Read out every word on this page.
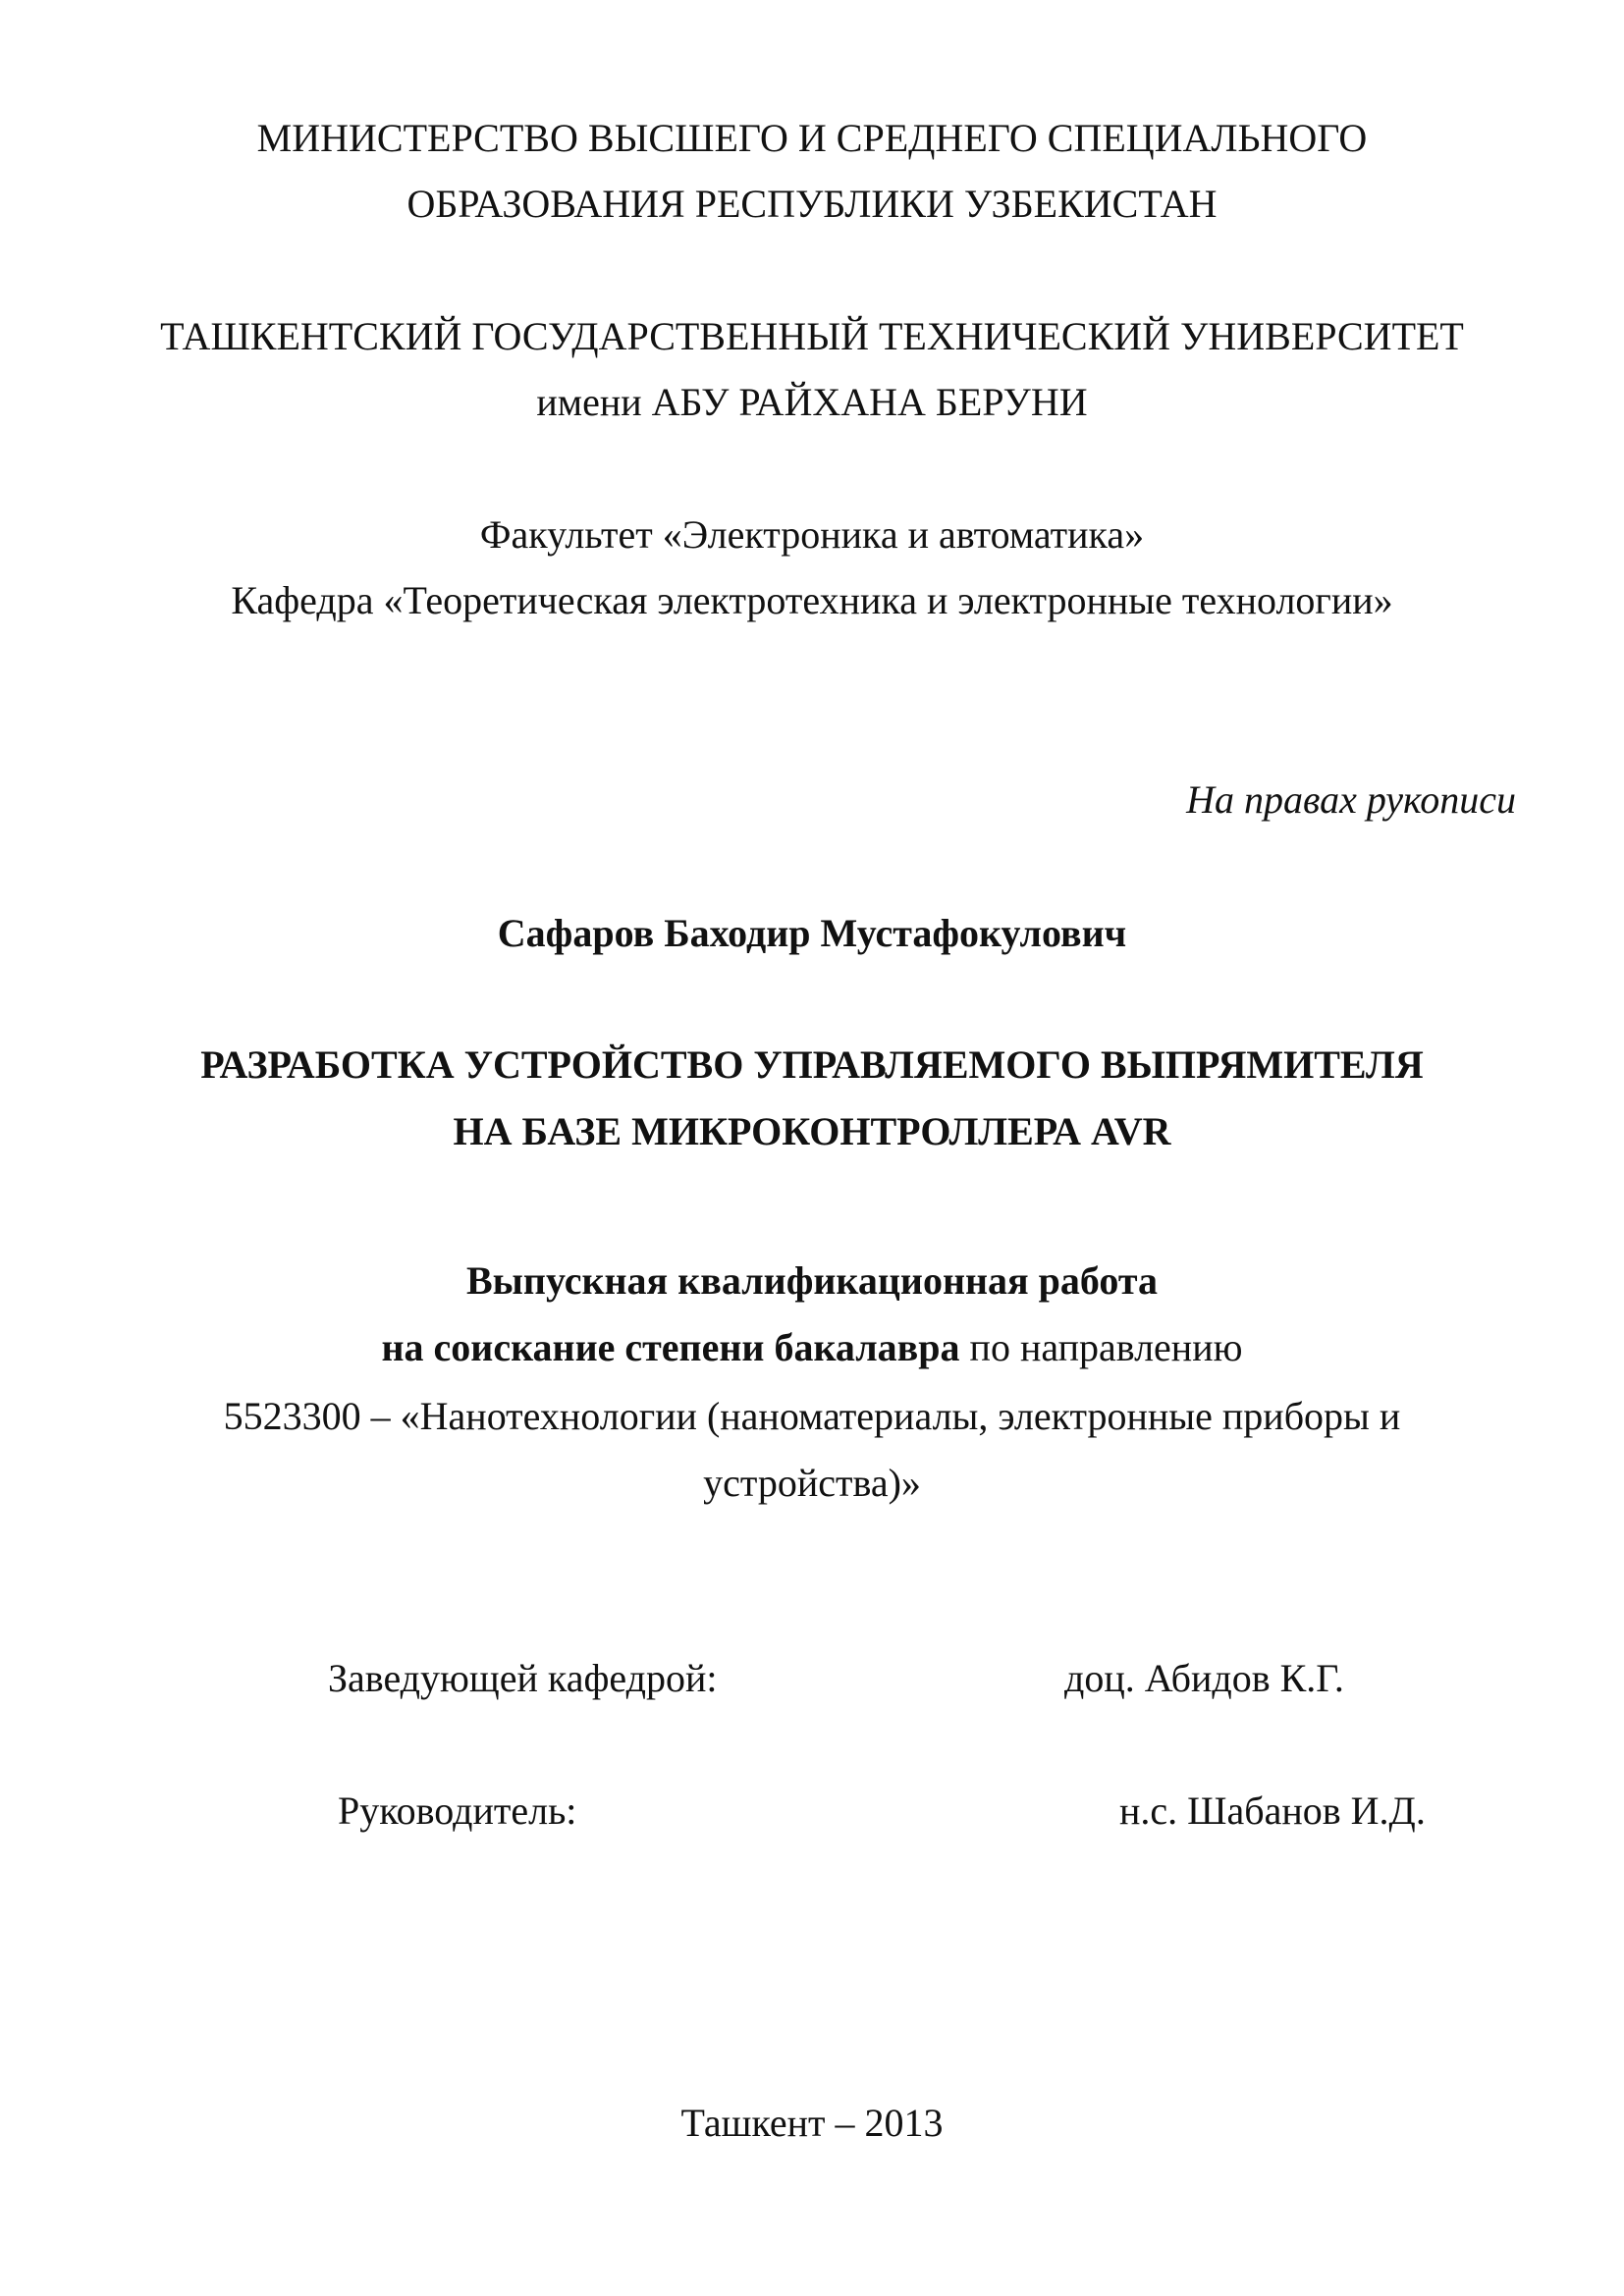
МИНИСТЕРСТВО ВЫСШЕГО И СРЕДНЕГО СПЕЦИАЛЬНОГО
ОБРАЗОВАНИЯ РЕСПУБЛИКИ УЗБЕКИСТАН
ТАШКЕНТСКИЙ ГОСУДАРСТВЕННЫЙ ТЕХНИЧЕСКИЙ УНИВЕРСИТЕТ
имени АБУ РАЙХАНА БЕРУНИ
Факультет «Электроника и автоматика»
Кафедра «Теоретическая электротехника и электронные технологии»
На правах рукописи
Сафаров Баходир Мустафокулович
РАЗРАБОТКА УСТРОЙСТВО УПРАВЛЯЕМОГО ВЫПРЯМИТЕЛЯ
НА БАЗЕ МИКРОКОНТРОЛЛЕРА AVR
Выпускная квалификационная работа
на соискание степени бакалавра по направлению
5523300 – «Нанотехнологии (наноматериалы, электронные приборы и
устройства)»
Заведующей кафедрой:	доц. Абидов К.Г.
Руководитель:	н.с. Шабанов И.Д.
Ташкент – 2013
